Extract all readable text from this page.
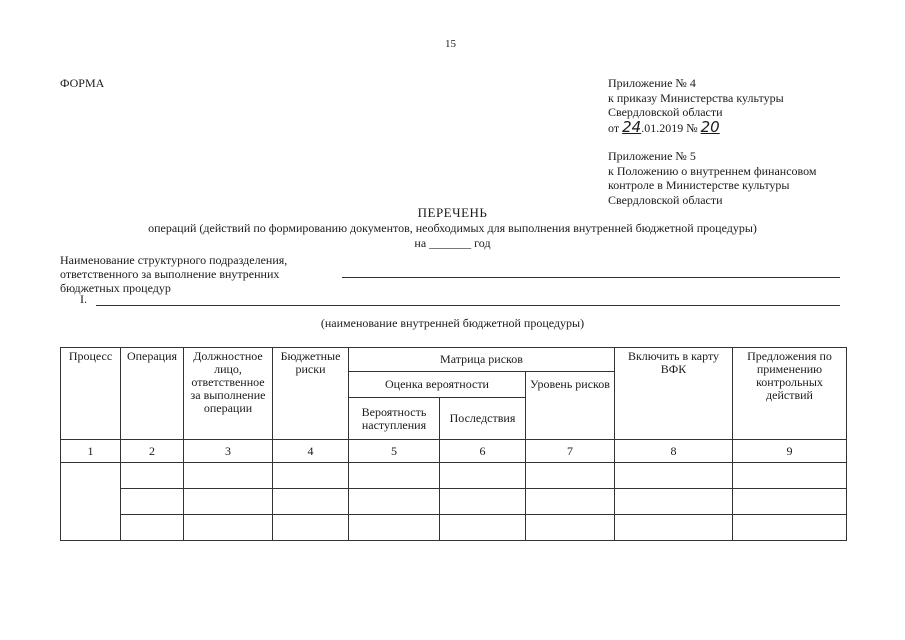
15
ФОРМА	Приложение № 4
к приказу Министерства культуры
Свердловской области
от 24.01.2019 № 20
Приложение № 5
к Положению о внутреннем финансовом
контроле в Министерстве культуры
Свердловской области
ПЕРЕЧЕНЬ
операций (действий по формированию документов, необходимых для выполнения внутренней бюджетной процедуры)
на _______ год
Наименование структурного подразделения,
ответственного за выполнение внутренних
бюджетных процедур
I.
(наименование внутренней бюджетной процедуры)
Процесс	Операция	Должностное лицо, ответственное за выполнение операции	Бюджетные риски	Матрица рисков			Включить в карту ВФК	Предложения по применению контрольных действий
				Оценка вероятности		Уровень рисков		
				Вероятность наступления	Последствия			
1	2	3	4	5	6	7	8	9
